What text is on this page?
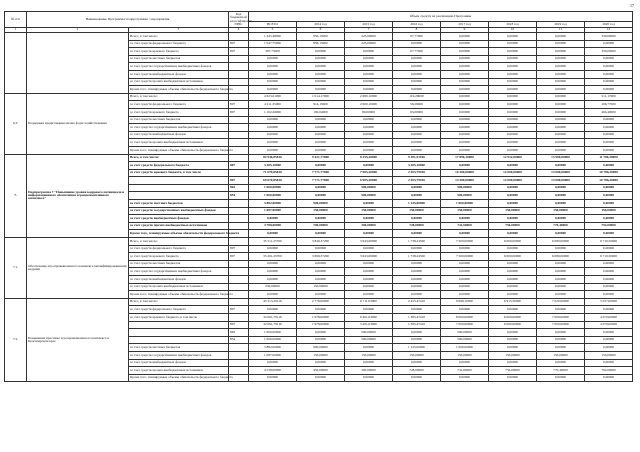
17
№ п/п	Наименование Программы/ подпрограммы / мероприятия		Код бюджетной классификации ГРБС	Объем средств на реализацию Программы							
				ВСЕГО	2014 год	2015 год	2016 год	2017 год	2018 год	2019 год	2020 год
1	2	3	4	5	6	7	8	9	10	11	12
		Всего, в том числе:		1 445,48000	856,15000	225,00000	67,77000	0,00000	0,00000	0,00000	330,00000
		за счет средств федерального бюджета	807	1 047,75000	856,15000	225,00000	0,00000	0,00000	0,00000	0,00000	0,00000
		за счет средств краевого бюджета	807	397,73000	0,00000	0,00000	67,77000	0,00000	0,00000	0,00000	330,00000
		за счет средств местных бюджетов		0,00000	0,00000	0,00000	0,00000	0,00000	0,00000	0,00000	0,00000
		за счет средств государственных внебюджетных фондов		0,00000	0,00000	0,00000	0,00000	0,00000	0,00000	0,00000	0,00000
		за счет средств внебюджетных фондов		0,00000	0,00000	0,00000	0,00000	0,00000	0,00000	0,00000	0,00000
		за счет средств прочих внебюджетных источников		0,00000	0,00000	0,00000	0,00000	0,00000	0,00000	0,00000	0,00000
		Кроме того, планируемые объемы обязательств федерального бюджета		0,00000	0,00000	0,00000	0,00000	0,00000	0,00000	0,00000	0,00000
6.3.	Поддержка кредитования малых форм хозяйствования	Всего, в том числе:		4 623,61000	1 014,17000	2 680,10000	119,29000	0,00000	0,00000	0,00000	511,17000
		за счет средств федерального бюджета	807	4 211,35000	914,13000	2 600,10000	56,29000	0,00000	0,00000	0,00000	106,77000
		за счет средств краевого бюджета	807	1 102,26000	100,04000	80,00000	63,00000	0,00000	0,00000	0,00000	404,40000
		за счет средств местных бюджетов		0,00000	0,00000	0,00000	0,00000	0,00000	0,00000	0,00000	0,00000
		за счет средств государственных внебюджетных фондов		0,00000	0,00000	0,00000	0,00000	0,00000	0,00000	0,00000	0,00000
		за счет средств внебюджетных фондов		0,00000	0,00000	0,00000	0,00000	0,00000	0,00000	0,00000	0,00000
		за счет средств прочих внебюджетных источников		0,00000	0,00000	0,00000	0,00000	0,00000	0,00000	0,00000	0,00000
		Кроме того, планируемые объемы обязательств федерального бюджета		0,00000	0,00000	0,00000	0,00000	0,00000	0,00000	0,00000	0,00000
7.	Подпрограмма 7 "Повышение уровня кадрового потенциала и информационного обеспечения агропромышленного комплекса"	Всего, в том числе:		82 946,85816	9 421,77000	8 255,20000	9 381,91916	17 896,10000	12 912,00000	13 900,00000	11 786,30000
		за счет средств федерального бюджета	807	3 205,10000	0,00000	0,00000	3 205,10000	0,00000	0,00000	0,00000	0,00000
		за счет средств краевого бюджета, в том числе		71 070,85816	7 771,77000	7 905,20000	2 303,79916	16 300,00000	12 000,00000	13 000,00000	10 786,30000
			807	69 070,85816	7 771,77000	6 905,20000	2 303,79916	14 300,00000	12 000,00000	13 000,00000	10 786,30000
			863	1 000,00000	0,00000	500,00000	0,00000	500,00000	0,00000	0,00000	0,00000
			854	1 000,00000	0,00000	500,00000	0,00000	500,00000	0,00000	0,00000	0,00000
		за счет средств местных бюджетов		3 882,00000	900,00000	0,00000	1 145,00000	1 000,00000	0,00000	0,00000	0,00000
		за счет средств государственных внебюджетных фондов		1 087,00000	150,00000	150,00000	150,00000	150,00000	150,00000	150,00000	150,00000
		за счет средств внебюджетных фондов		0,00000	0,00000	0,00000	0,00000	0,00000	0,00000	0,00000	0,00000
		за счет средств прочих внебюджетных источников		4 788,00000	700,00000	300,00000	728,00000	741,60000	756,00000	770,40000	792,00000
		Кроме того, планируемые объемы обязательств федерального бюджета		0,00000	0,00000	0,00000	0,00000	0,00000	0,00000	0,00000	0,00000
7.1.	Обеспечение агропромышленного комплекса квалифицированными кадрами	Всего, в том числе:		35 511,25700	3 849,37200	3 643,60000	1 738,24500	7 500,00000	6 000,00000	6 080,00000	6 719,50000
		за счет средств федерального бюджета	807	0,00000	0,00000	0,00000	0,00000	0,00000	0,00000	0,00000	0,00000
		за счет средств краевого бюджета	807	35 261,25700	3 699,37200	3 643,60000	1 738,24500	7 500,00000	6 000,00000	6 080,00000	6 719,50000
		за счет средств местных бюджетов		0,00000	0,00000	0,00000	0,00000	0,00000	0,00000	0,00000	0,00000
		за счет средств государственных внебюджетных фондов		0,00000	0,00000	0,00000	0,00000	0,00000	0,00000	0,00000	0,00000
		за счет средств внебюджетных фондов		0,00000	0,00000	0,00000	0,00000	0,00000	0,00000	0,00000	0,00000
		за счет средств прочих внебюджетных источников		250,00000	150,00000	0,00000	0,00000	0,00000	0,00000	0,00000	0,00000
		Кроме того, планируемые объемы обязательств федерального бюджета		0,00000	0,00000	0,00000	0,00000	0,00000	0,00000	0,00000	0,00000
7.2.	Повышение престижа агропромышленного комплекса в Красноярском крае	Всего, в том числе:		43 513,29116	2 778,00000	6 711,03000	2 455,47416	9 696,10000	6 915,50000	7 020,00000	5 037,00000
		за счет средств федерального бюджета	807	0,00000	0,00000	0,00000	0,00000	0,00000	0,00000	0,00000	0,00000
		за счет средств краевого бюджета, в том числе		34 091,79116	1 978,00000	6 261,03000	1 385,47416	8 000,00000	6 000,00000	7 000,00000	4 070,00000
			807	32 091,79116	1 978,00000	5 261,03000	1 385,47416	7 000,00000	6 000,00000	7 000,00000	4 070,00000
			863	1 000,00000	0,00000	500,00000	0,00000	500,00000	0,00000	0,00000	0,00000
			854	1 000,00000	0,00000	500,00000	0,00000	500,00000	0,00000	0,00000	0,00000
		за счет средств местных бюджетов		3 882,00000	900,00000	0,00000	1 145,00000	1 000,00000	0,00000	0,00000	0,00000
		за счет средств государственных внебюджетных фондов		1 087,00000	150,00000	150,00000	150,00000	150,00000	150,00000	150,00000	150,00000
		за счет средств внебюджетных фондов		0,00000	0,00000	0,00000	0,00000	0,00000	0,00000	0,00000	0,00000
		за счет средств прочих внебюджетных источников		4 538,00000	450,00000	300,00000	728,00000	741,60000	756,00000	770,40000	792,00000
		Кроме того, планируемые объемы обязательств федерального бюджета		0,00000	0,00000	0,00000	0,00000	0,00000	0,00000	0,00000	0,00000
